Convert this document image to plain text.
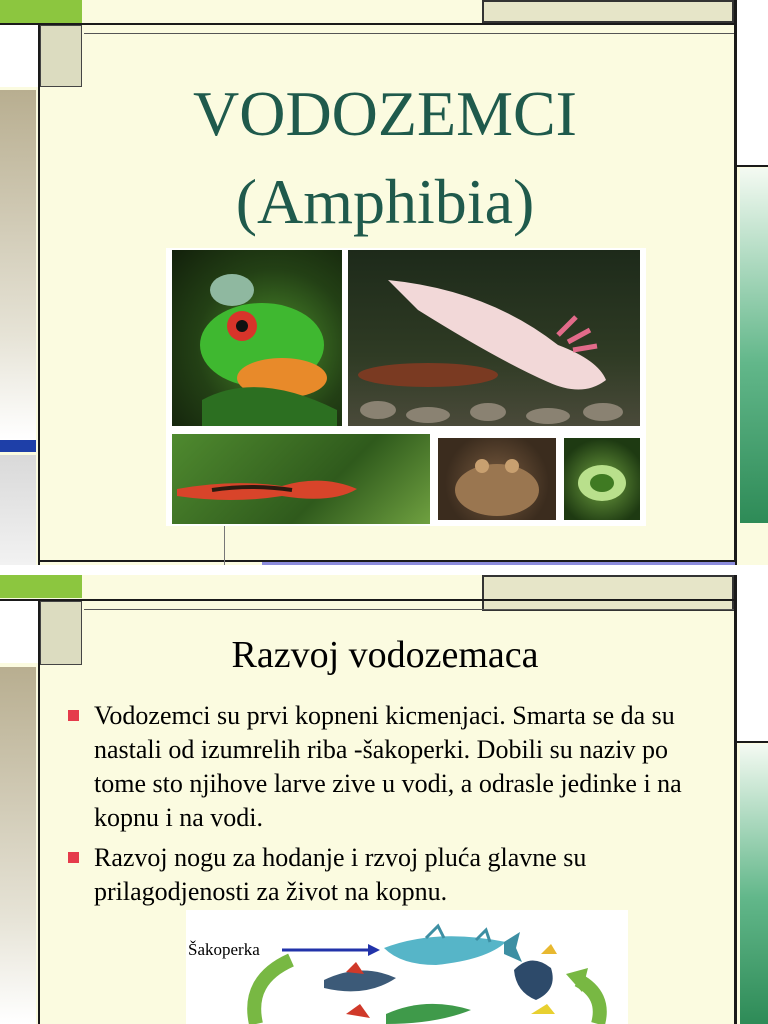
VODOZEMCI
(Amphibia)
Razvoj vodozemaca
Vodozemci su prvi kopneni kicmenjaci. Smarta se da su nastali od izumrelih riba -šakoperki. Dobili su naziv po tome sto njihove larve zive u vodi, a odrasle jedinke i na kopnu i na vodi.
Razvoj nogu za hodanje i rzvoj pluća glavne su prilagodjenosti za život na kopnu.
Šakoperka
